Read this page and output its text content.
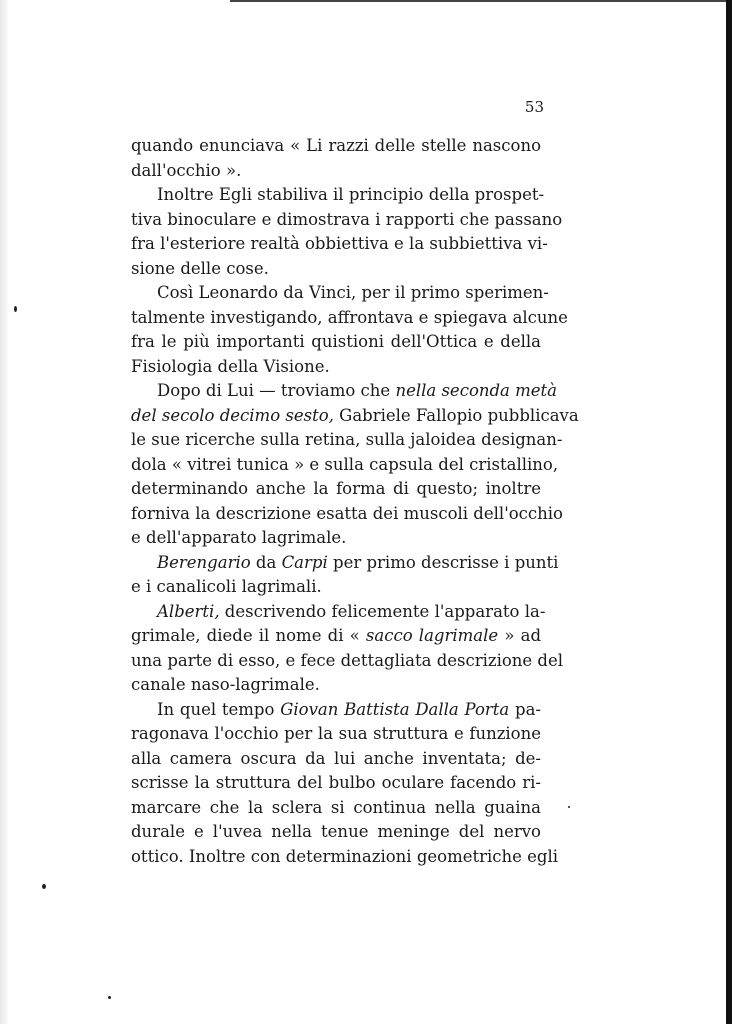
53
quando enunciava « Li razzi delle stelle nascono
dall'occhio ».
Inoltre Egli stabiliva il principio della prospet-
tiva binoculare e dimostrava i rapporti che passano
fra l'esteriore realtà obbiettiva e la subbiettiva vi-
sione delle cose.
Così Leonardo da Vinci, per il primo sperimen-
talmente investigando, affrontava e spiegava alcune
fra le più importanti quistioni dell'Ottica e della
Fisiologia della Visione.
Dopo di Lui — troviamo che nella seconda metà
del secolo decimo sesto, Gabriele Fallopio pubblicava
le sue ricerche sulla retina, sulla jaloidea designan-
dola « vitrei tunica » e sulla capsula del cristallino,
determinando anche la forma di questo; inoltre
forniva la descrizione esatta dei muscoli dell'occhio
e dell'apparato lagrimale.
Berengario da Carpi per primo descrisse i punti
e i canalicoli lagrimali.
Alberti, descrivendo felicemente l'apparato la-
grimale, diede il nome di « sacco lagrimale » ad
una parte di esso, e fece dettagliata descrizione del
canale naso-lagrimale.
In quel tempo Giovan Battista Dalla Porta pa-
ragonava l'occhio per la sua struttura e funzione
alla camera oscura da lui anche inventata; de-
scrisse la struttura del bulbo oculare facendo ri-
marcare che la sclera si continua nella guaina
durale e l'uvea nella tenue meninge del nervo
ottico. Inoltre con determinazioni geometriche egli
